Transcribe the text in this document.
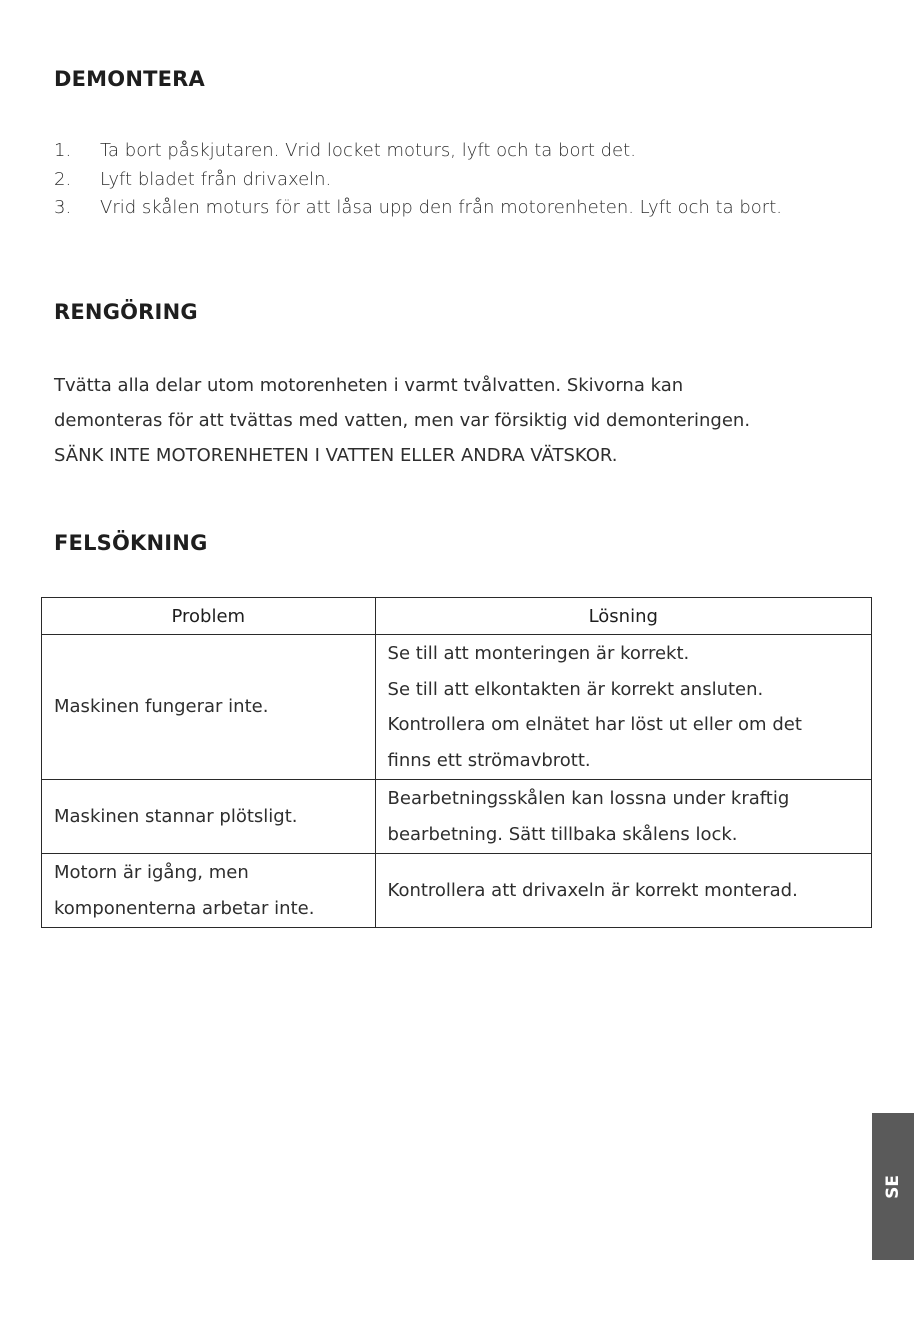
DEMONTERA
1.	Ta bort påskjutaren. Vrid locket moturs, lyft och ta bort det.
2.	Lyft bladet från drivaxeln.
3.	Vrid skålen moturs för att låsa upp den från motorenheten. Lyft och ta bort.
RENGÖRING

Tvätta alla delar utom motorenheten i varmt tvålvatten. Skivorna kan
demonteras för att tvättas med vatten, men var försiktig vid demonteringen.
SÄNK INTE MOTORENHETEN I VATTEN ELLER ANDRA VÄTSKOR.

FELSÖKNING
Problem	Lösning

Maskinen fungerar inte.	Se till att monteringen är korrekt.
Se till att elkontakten är korrekt ansluten.
Kontrollera om elnätet har löst ut eller om det
finns ett strömavbrott.

Maskinen stannar plötsligt.	Bearbetningsskålen kan lossna under kraftig
bearbetning. Sätt tillbaka skålens lock.

Motorn är igång, men
komponenterna arbetar inte.	Kontrollera att drivaxeln är korrekt monterad.
SE
